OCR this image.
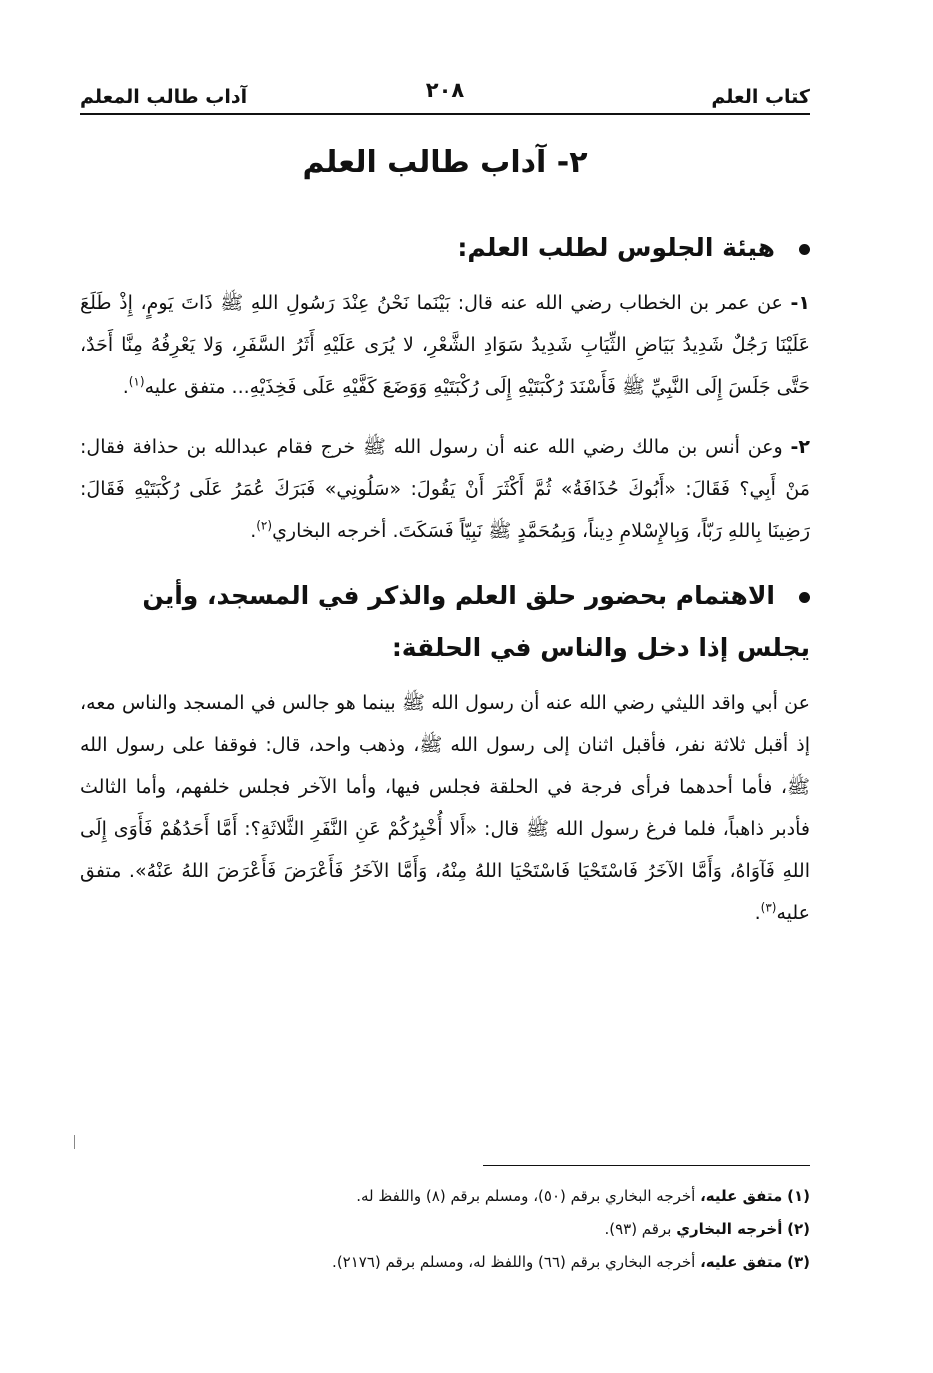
كتاب العلم
٢٠٨
آداب طالب المعلم
٢- آداب طالب العلم

هيئة الجلوس لطلب العلم:

١- عن عمر بن الخطاب رضي الله عنه قال: بَيْنَما نَحْنُ عِنْدَ رَسُولِ اللهِ ﷺ ذَاتَ يَومٍ، إِذْ طَلَعَ عَلَيْنَا رَجُلٌ شَدِيدُ بَيَاضِ الثِّيَابِ شَدِيدُ سَوَادِ الشَّعْرِ، لا يُرَى عَلَيْهِ أَثَرُ السَّفَرِ، وَلا يَعْرِفُهُ مِنَّا أَحَدٌ، حَتَّى جَلَسَ إِلَى النَّبِيِّ ﷺ فَأَسْنَدَ رُكْبَتَيْهِ إِلَى رُكْبَتَيْهِ وَوَضَعَ كَفَّيْهِ عَلَى فَخِذَيْهِ... متفق عليه$^{(١)}$.

٢- وعن أنس بن مالك رضي الله عنه أن رسول الله ﷺ خرج فقام عبدالله بن حذافة فقال: مَنْ أَبِي؟ فَقَالَ: «أَبُوكَ حُذَافَةُ» ثُمَّ أَكْثَرَ أَنْ يَقُولَ: «سَلُونِي» فَبَرَكَ عُمَرُ عَلَى رُكْبَتَيْهِ فَقَالَ: رَضِينَا بِاللهِ رَبّاً، وَبِالإِسْلامِ دِيناً، وَبِمُحَمَّدٍ ﷺ نَبِيّاً فَسَكَتَ. أخرجه البخاري$^{(٢)}$.

الاهتمام بحضور حلق العلم والذكر في المسجد، وأين يجلس إذا دخل والناس في الحلقة:

عن أبي واقد الليثي رضي الله عنه أن رسول الله ﷺ بينما هو جالس في المسجد والناس معه، إذ أقبل ثلاثة نفر، فأقبل اثنان إلى رسول الله ﷺ، وذهب واحد، قال: فوقفا على رسول الله ﷺ، فأما أحدهما فرأى فرجة في الحلقة فجلس فيها، وأما الآخر فجلس خلفهم، وأما الثالث فأدبر ذاهباً، فلما فرغ رسول الله ﷺ قال: «أَلا أُخْبِرُكُمْ عَنِ النَّفَرِ الثَّلاثَةِ؟: أَمَّا أَحَدُهُمْ فَأَوَى إِلَى اللهِ فَآوَاهُ، وَأَمَّا الآخَرُ فَاسْتَحْيَا فَاسْتَحْيَا اللهُ مِنْهُ، وَأَمَّا الآخَرُ فَأَعْرَضَ فَأَعْرَضَ اللهُ عَنْهُ». متفق عليه$^{(٣)}$.

(١) متفق عليه، أخرجه البخاري برقم (٥٠)، ومسلم برقم (٨) واللفظ له.
(٢) أخرجه البخاري برقم (٩٣).
(٣) متفق عليه، أخرجه البخاري برقم (٦٦) واللفظ له، ومسلم برقم (٢١٧٦).
